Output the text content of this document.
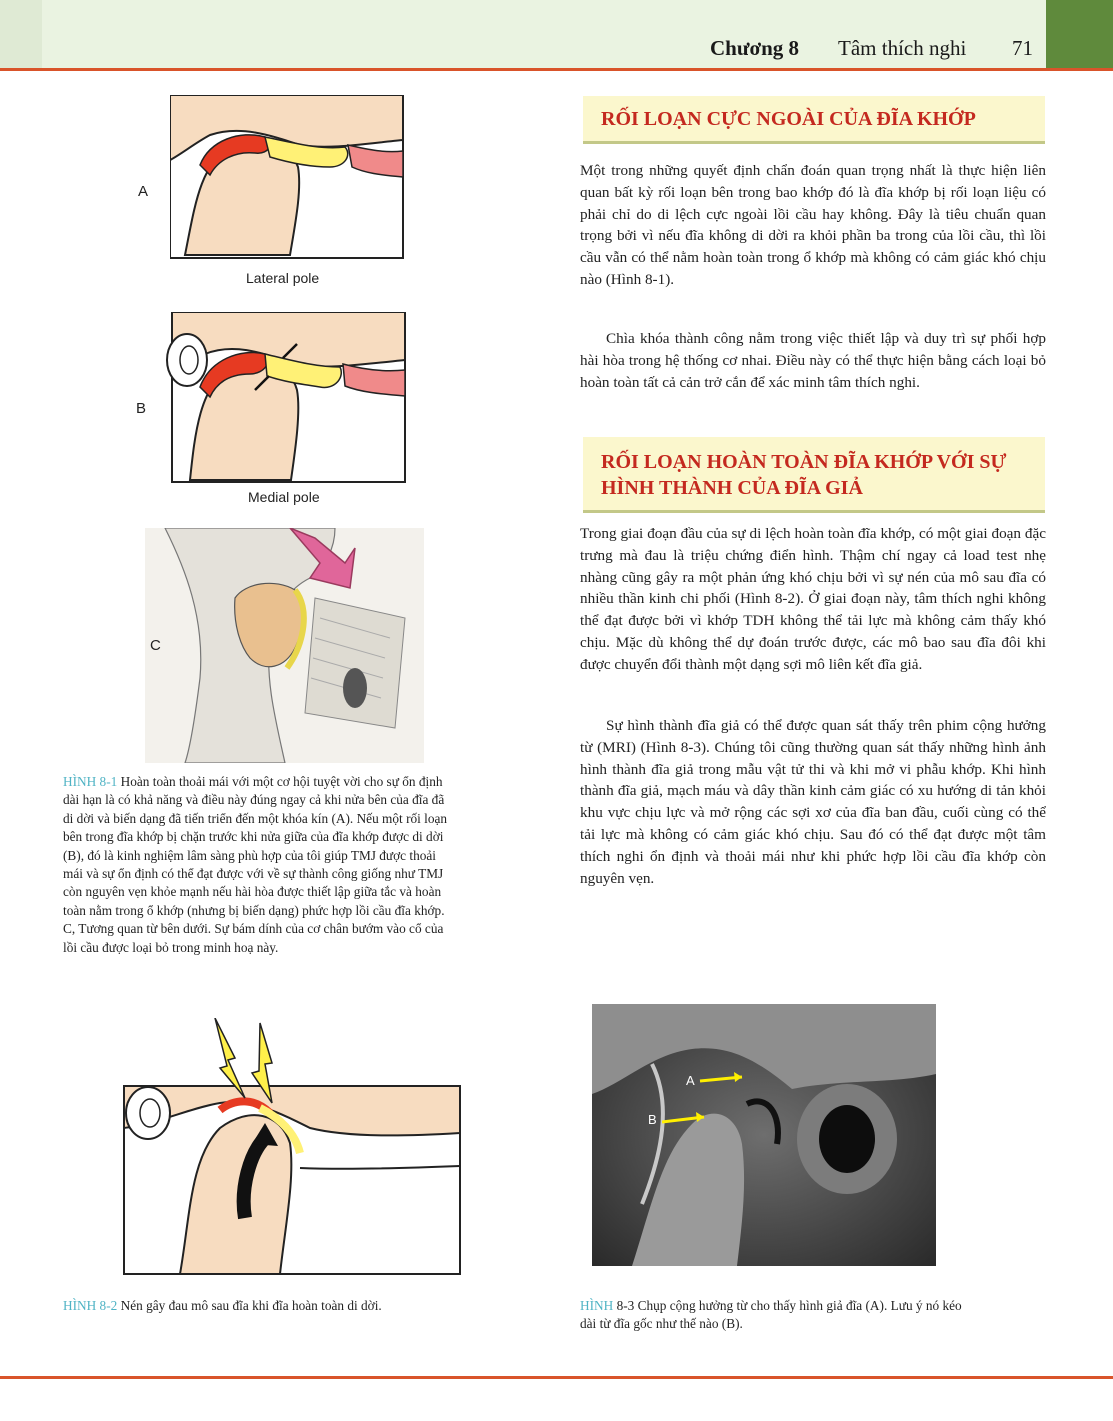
Chương 8 Tâm thích nghi 71
A
Lateral pole
B
Medial pole
C
HÌNH 8-1 Hoàn toàn thoải mái với một cơ hội tuyệt vời cho sự ổn định
dài hạn là có khả năng và điều này đúng ngay cả khi nửa bên của đĩa đã
di dời và biến dạng đã tiến triển đến một khóa kín (A). Nếu một rối loạn
bên trong đĩa khớp bị chặn trước khi nửa giữa của đĩa khớp được di dời
(B), đó là kinh nghiệm lâm sàng phù hợp của tôi giúp TMJ được thoải
mái và sự ổn định có thể đạt được với về sự thành công giống như TMJ
còn nguyên vẹn khỏe mạnh nếu hài hòa được thiết lập giữa tắc và hoàn
toàn nằm trong ổ khớp (nhưng bị biến dạng) phức hợp lồi cầu đĩa khớp.
C, Tương quan từ bên dưới. Sự bám dính của cơ chân bướm vào cổ của
lồi cầu được loại bỏ trong minh hoạ này.
RỐI LOẠN CỰC NGOÀI CỦA ĐĨA KHỚP

Một trong những quyết định chẩn đoán quan trọng nhất là thực hiện liên quan bất kỳ rối loạn bên trong bao khớp đó là đĩa khớp bị rối loạn liệu có phải chỉ do di lệch cực ngoài lồi cầu hay không. Đây là tiêu chuẩn quan trọng bởi vì nếu đĩa không di dời ra khỏi phần ba trong của lồi cầu, thì lồi cầu vẫn có thể nằm hoàn toàn trong ổ khớp mà không có cảm giác khó chịu nào (Hình 8-1).

Chìa khóa thành công nằm trong việc thiết lập và duy trì sự phối hợp hài hòa trong hệ thống cơ nhai. Điều này có thể thực hiện bằng cách loại bỏ hoàn toàn tất cả cản trở cắn để xác minh tâm thích nghi.

RỐI LOẠN HOÀN TOÀN ĐĨA KHỚP VỚI SỰ
HÌNH THÀNH CỦA ĐĨA GIẢ

Trong giai đoạn đầu của sự di lệch hoàn toàn đĩa khớp, có một giai đoạn đặc trưng mà đau là triệu chứng điển hình. Thậm chí ngay cả load test nhẹ nhàng cũng gây ra một phản ứng khó chịu bởi vì sự nén của mô sau đĩa có nhiều thần kinh chi phối (Hình 8-2). Ở giai đoạn này, tâm thích nghi không thể đạt được bởi vì khớp TDH không thể tải lực mà không cảm thấy khó chịu. Mặc dù không thể dự đoán trước được, các mô bao sau đĩa đôi khi được chuyển đổi thành một dạng sợi mô liên kết đĩa giả.

Sự hình thành đĩa giả có thể được quan sát thấy trên phim cộng hưởng từ (MRI) (Hình 8-3). Chúng tôi cũng thường quan sát thấy những hình ảnh hình thành đĩa giả trong mẫu vật tử thi và khi mở vi phẫu khớp. Khi hình thành đĩa giả, mạch máu và dây thần kinh cảm giác có xu hướng di tản khỏi khu vực chịu lực và mở rộng các sợi xơ của đĩa ban đầu, cuối cùng có thể tải lực mà không có cảm giác khó chịu. Sau đó có thể đạt được một tâm thích nghi ổn định và thoải mái như khi phức hợp lồi cầu đĩa khớp còn nguyên vẹn.

HÌNH 8-2 Nén gây đau mô sau đĩa khi đĩa hoàn toàn di dời.
A
B
HÌNH 8-3 Chụp cộng hưởng từ cho thấy hình giả đĩa (A). Lưu ý nó kéo
dài từ đĩa gốc như thế nào (B).
